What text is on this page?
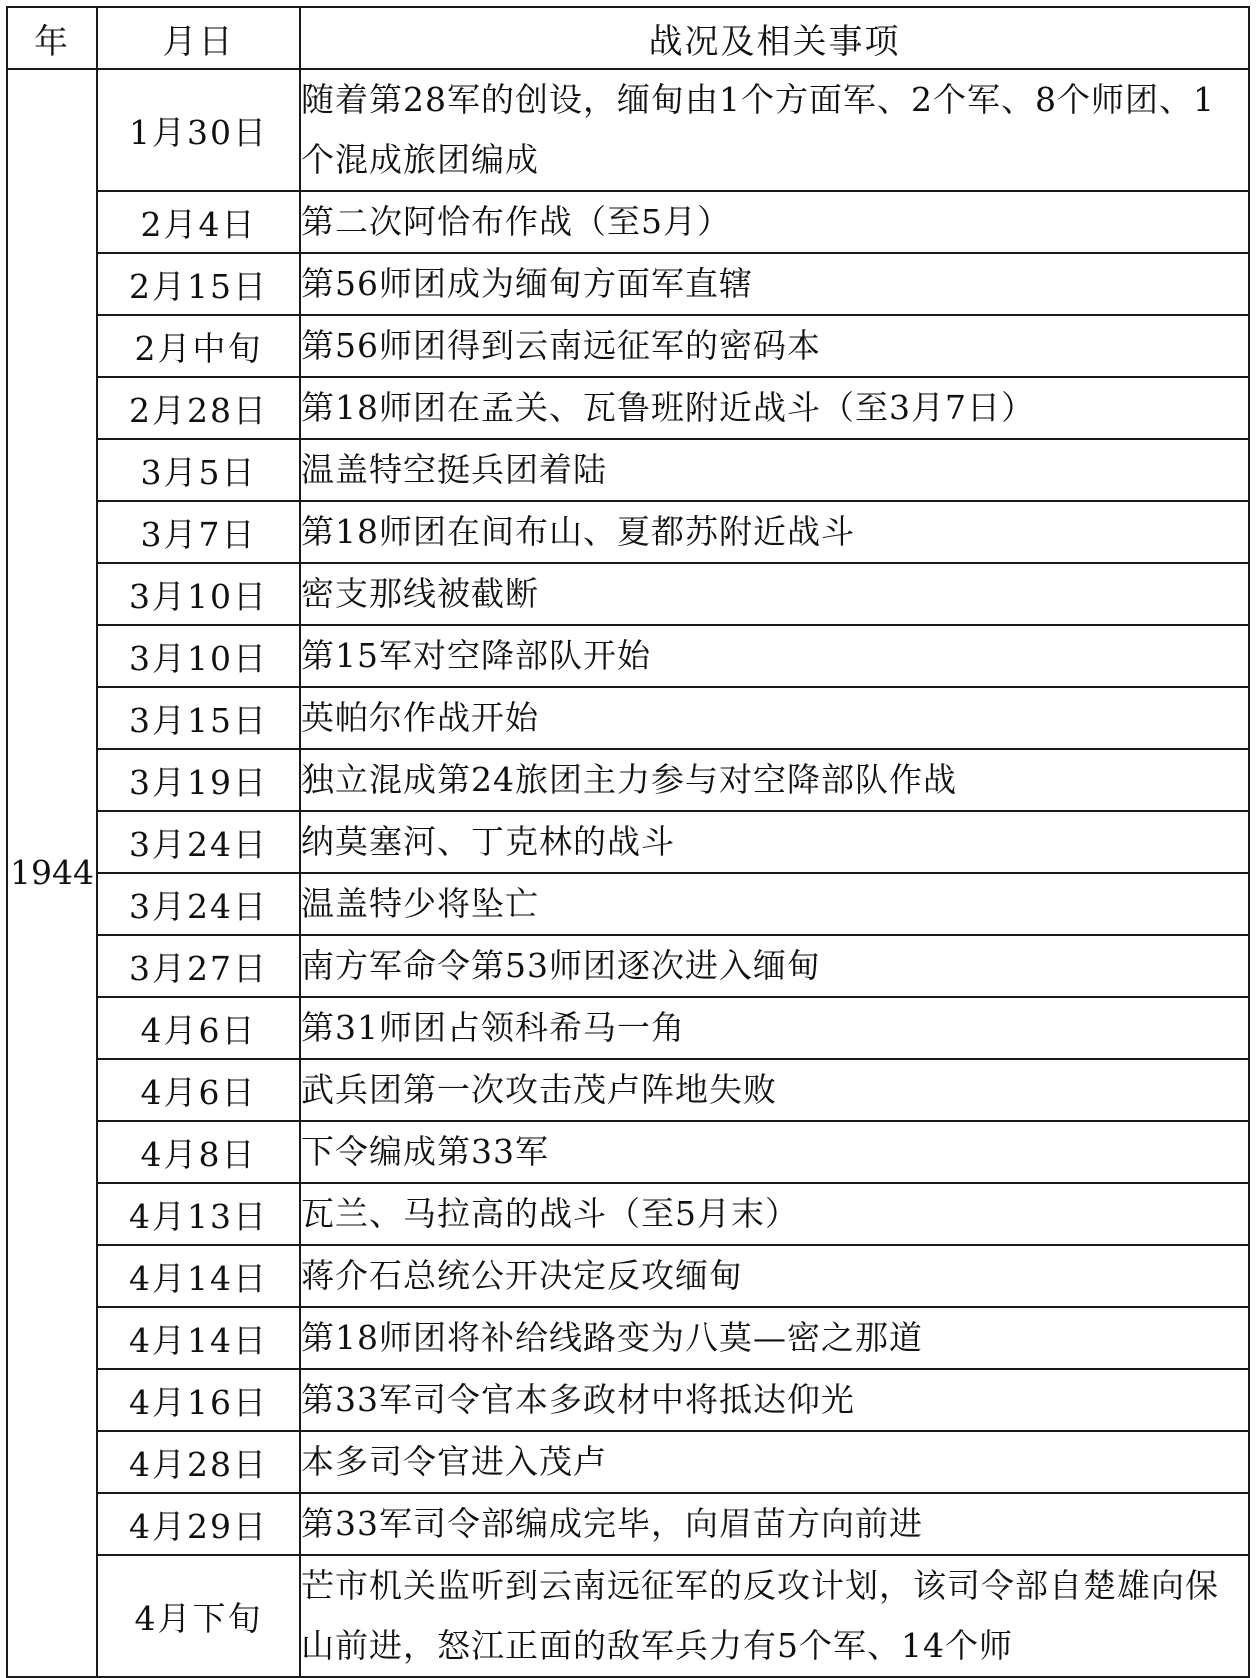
年	月日	战况及相关事项
1944	1月30日	随着第28军的创设，缅甸由1个方面军、2个军、8个师团、1个混成旅团编成
	2月4日	第二次阿恰布作战（至5月）
	2月15日	第56师团成为缅甸方面军直辖
	2月中旬	第56师团得到云南远征军的密码本
	2月28日	第18师团在孟关、瓦鲁班附近战斗（至3月7日）
	3月5日	温盖特空挺兵团着陆
	3月7日	第18师团在间布山、夏都苏附近战斗
	3月10日	密支那线被截断
	3月10日	第15军对空降部队开始
	3月15日	英帕尔作战开始
	3月19日	独立混成第24旅团主力参与对空降部队作战
	3月24日	纳莫塞河、丁克林的战斗
	3月24日	温盖特少将坠亡
	3月27日	南方军命令第53师团逐次进入缅甸
	4月6日	第31师团占领科希马一角
	4月6日	武兵团第一次攻击茂卢阵地失败
	4月8日	下令编成第33军
	4月13日	瓦兰、马拉高的战斗（至5月末）
	4月14日	蒋介石总统公开决定反攻缅甸
	4月14日	第18师团将补给线路变为八莫—密之那道
	4月16日	第33军司令官本多政材中将抵达仰光
	4月28日	本多司令官进入茂卢
	4月29日	第33军司令部编成完毕，向眉苗方向前进
	4月下旬	芒市机关监听到云南远征军的反攻计划，该司令部自楚雄向保山前进，怒江正面的敌军兵力有5个军、14个师
